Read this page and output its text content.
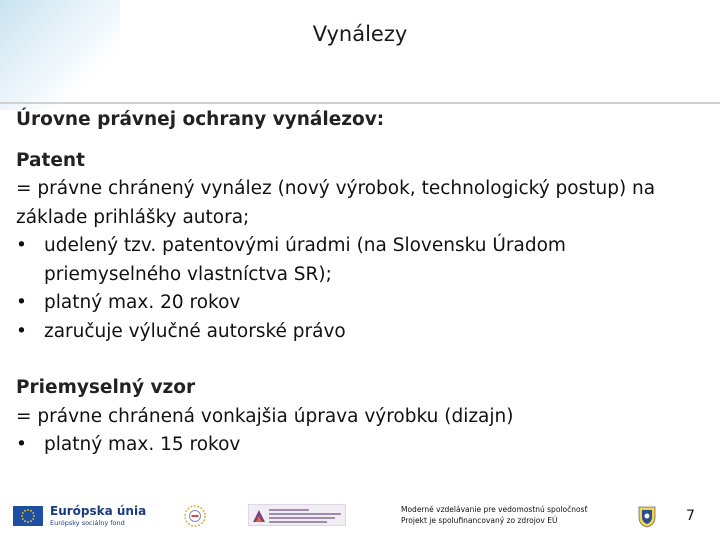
Vynálezy

Úrovne právnej ochrany vynálezov:

Patent

= právne chránený vynález (nový výrobok, technologický postup) na základe prihlášky autora;

• udelený tzv. patentovými úradmi (na Slovensku Úradom priemyselného vlastníctva SR);
• platný max. 20 rokov
• zaručuje výlučné autorské právo

Priemyselný vzor

= právne chránená vonkajšia úprava výrobku (dizajn)

• platný max. 15 rokov
Európska únia
Európsky sociálny fond
Moderné vzdelávanie pre vedomostnú spoločnosť
Projekt je spolufinancovaný zo zdrojov EÚ	7
